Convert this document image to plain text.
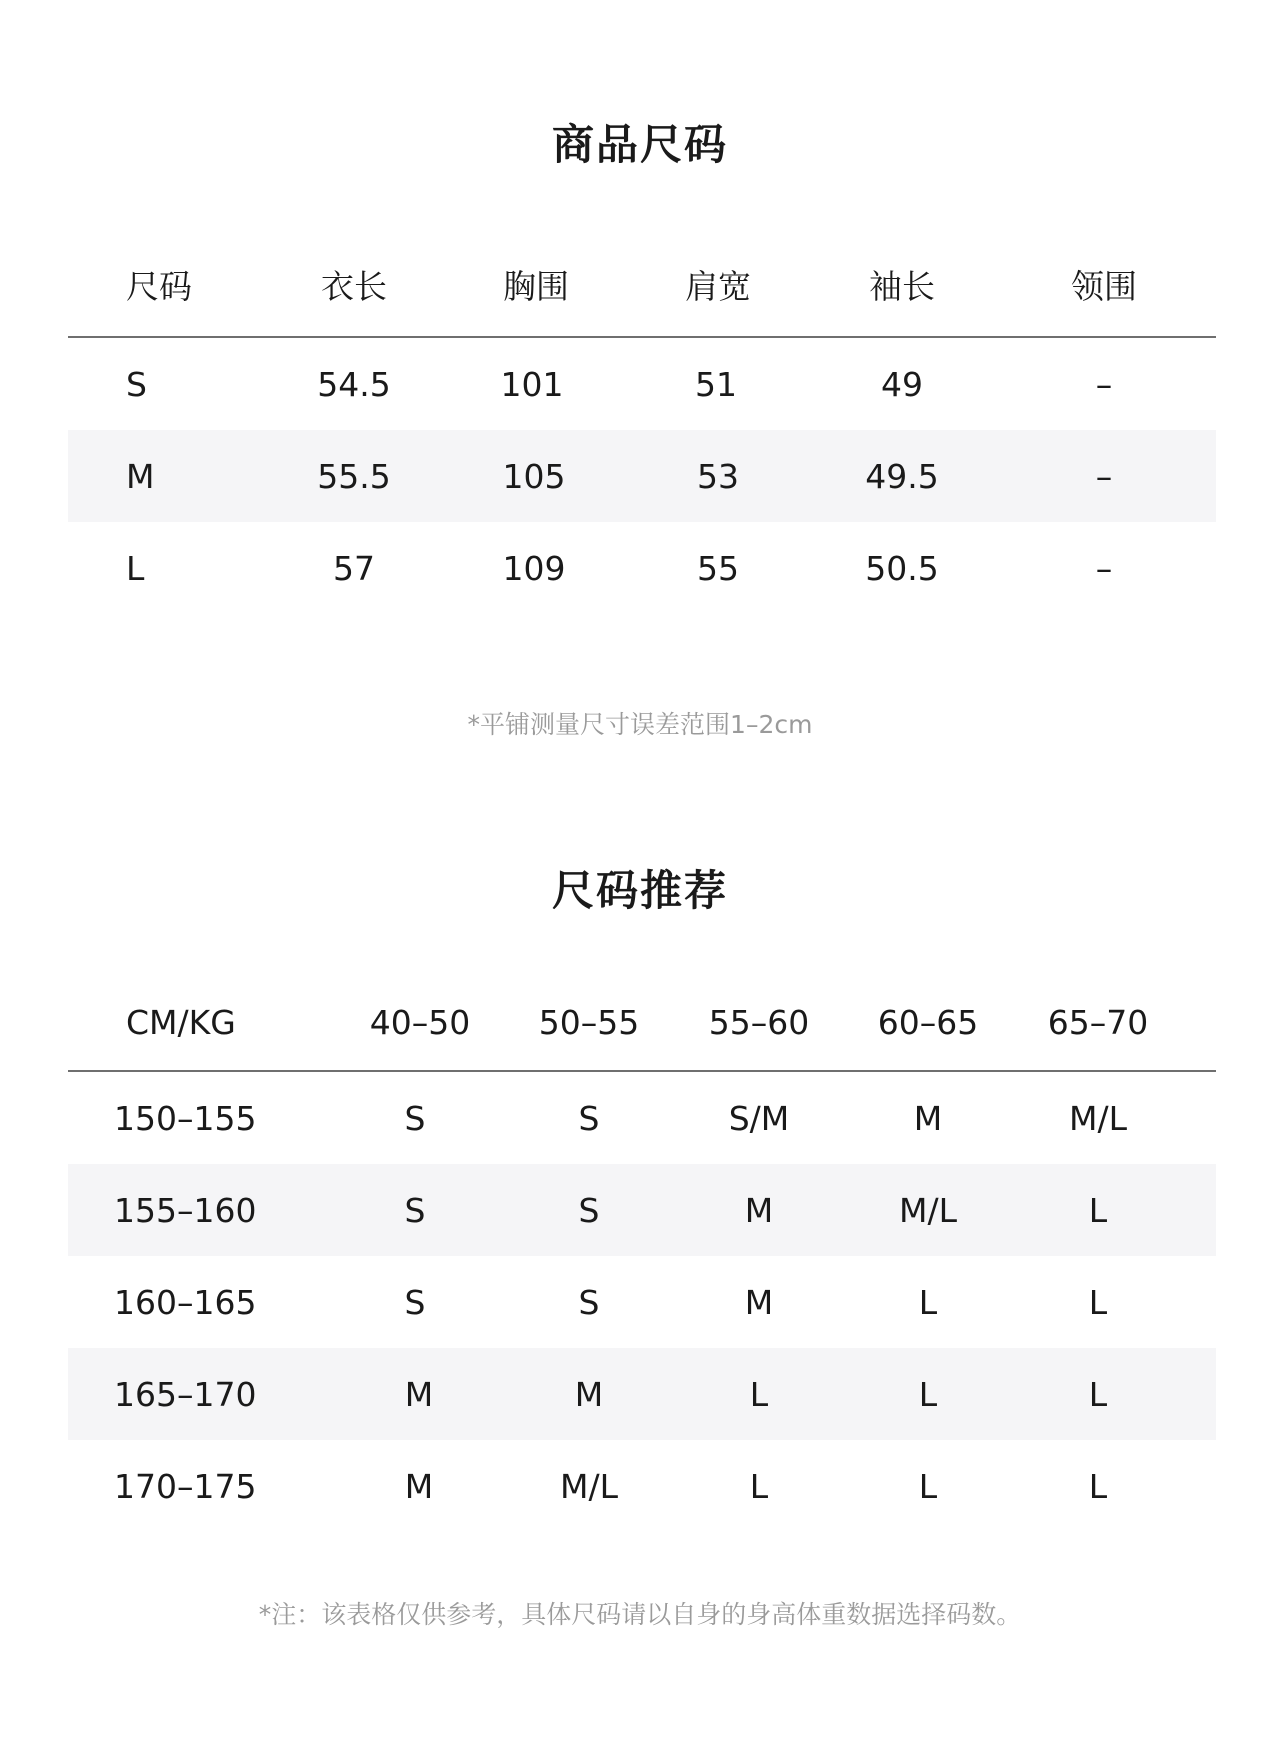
商品尺码
尺码	衣长	胸围	肩宽	袖长	领围
S	54.5	101	51	49	–
M	55.5	105	53	49.5	–
L	57	109	55	50.5	–
*平铺测量尺寸误差范围1–2cm
尺码推荐
CM/KG	40–50	50–55	55–60	60–65	65–70
150–155	S	S	S/M	M	M/L
155–160	S	S	M	M/L	L
160–165	S	S	M	L	L
165–170	M	M	L	L	L
170–175	M	M/L	L	L	L
*注：该表格仅供参考，具体尺码请以自身的身高体重数据选择码数。
